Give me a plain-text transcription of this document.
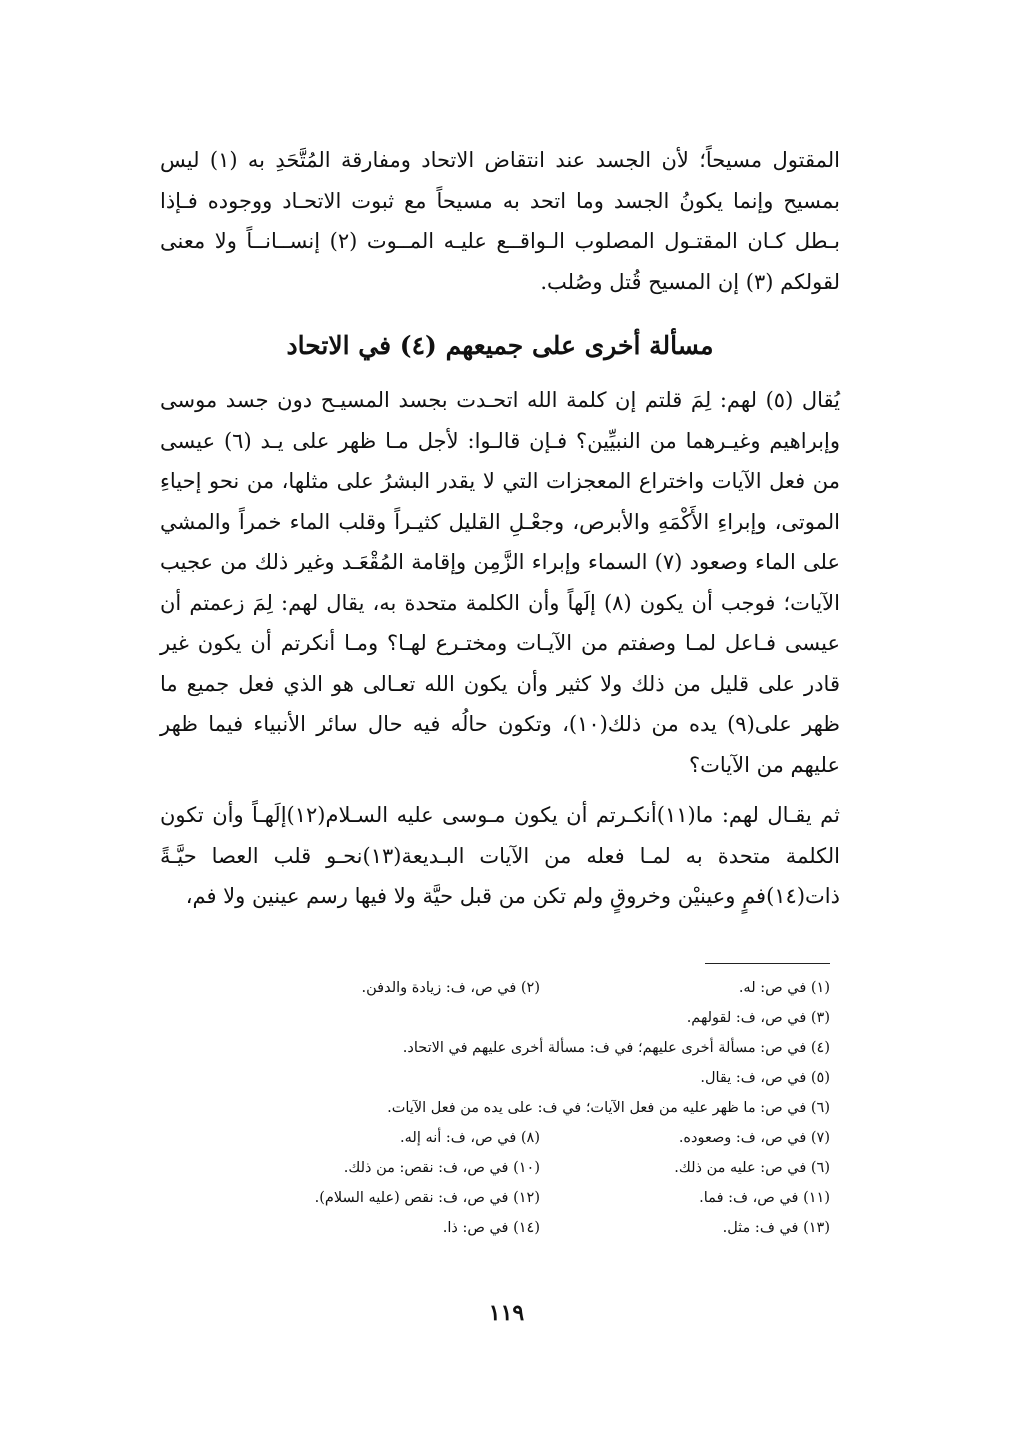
المقتول مسيحاً؛ لأن الجسد عند انتقاض الاتحاد ومفارقة المُتَّحَدِ به (١) ليس بمسيح وإنما يكونُ الجسد وما اتحد به مسيحاً مع ثبوت الاتحـاد ووجوده فـإذا بـطل كـان المقتـول المصلوب الـواقــع عليـه المــوت (٢) إنســانــاً ولا معنى لقولكم (٣) إن المسيح قُتل وصُلب.

مسألة أخرى على جميعهم (٤) في الاتحاد

يُقال (٥) لهم: لِمَ قلتم إن كلمة الله اتحـدت بجسد المسيـح دون جسد موسى وإبراهيم وغيـرهما من النبيِّين؟ فـإن قالـوا: لأجل مـا ظهر على يـد (٦) عيسى من فعل الآيات واختراع المعجزات التي لا يقدر البشرُ على مثلها، من نحو إحياءِ الموتى، وإبراءِ الأَكْمَهِ والأبرص، وجعْـلِ القليل كثيـراً وقلب الماء خمراً والمشي على الماء وصعود (٧) السماء وإبراء الزَّمِن وإقامة المُقْعَـد وغير ذلك من عجيب الآيات؛ فوجب أن يكون (٨) إلَهاً وأن الكلمة متحدة به، يقال لهم: لِمَ زعمتم أن عيسى فـاعل لمـا وصفتم من الآيـات ومختـرع لهـا؟ ومـا أنكرتم أن يكون غير قادر على قليل من ذلك ولا كثير وأن يكون الله تعـالى هو الذي فعل جميع ما ظهر على(٩) يده من ذلك(١٠)، وتكون حالُه فيه حال سائر الأنبياء فيما ظهر عليهم من الآيات؟

ثم يقـال لهم: ما(١١)أنكـرتم أن يكون مـوسى عليه السـلام(١٢)إلَهـاً وأن تكون الكلمة متحدة به لمـا فعله من الآيات البـديعة(١٣)نحـو قلب العصا حيَّـةً ذات(١٤)فمٍ وعينيْن وخروقٍ ولم تكن من قبل حيَّة ولا فيها رسم عينين ولا فم،

(١) في ص: له.
(٢) في ص، ف: زيادة والدفن.
(٣) في ص، ف: لقولهم.
(٤) في ص: مسألة أخرى عليهم؛ في ف: مسألة أخرى عليهم في الاتحاد.
(٥) في ص، ف: يقال.
(٦) في ص: ما ظهر عليه من فعل الآيات؛ في ف: على يده من فعل الآيات.
(٧) في ص، ف: وصعوده.
(٨) في ص، ف: أنه إله.
(٦) في ص: عليه من ذلك.
(١٠) في ص، ف: نقص: من ذلك.
(١١) في ص، ف: فما.
(١٢) في ص، ف: نقص (عليه السلام).
(١٣) في ف: مثل.
(١٤) في ص: ذا.
١١٩
